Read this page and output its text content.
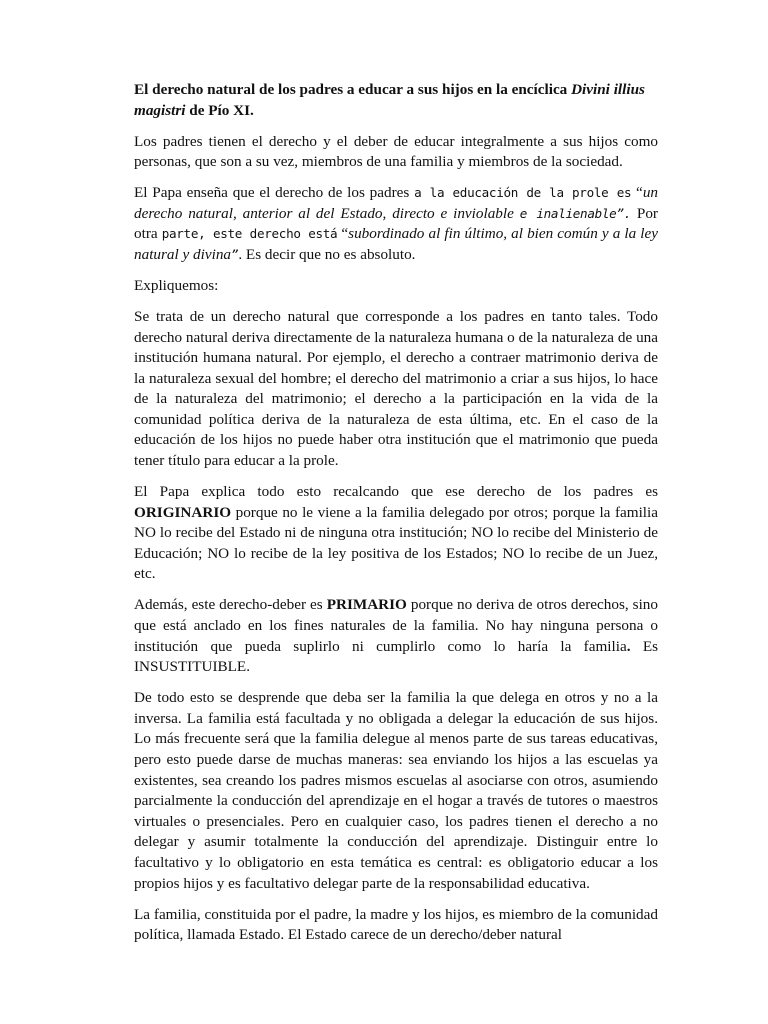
El derecho natural de los padres a educar a sus hijos en la encíclica Divini illius magistri de Pío XI.

Los padres tienen el derecho y el deber de educar integralmente a sus hijos como personas, que son a su vez, miembros de una familia y miembros de la sociedad.

El Papa enseña que el derecho de los padres a la educación de la prole es “un derecho natural, anterior al del Estado, directo e inviolable e inalienable”. Por otra parte, este derecho está “subordinado al fin último, al bien común y a la ley natural y divina”. Es decir que no es absoluto.

Expliquemos:

Se trata de un derecho natural que corresponde a los padres en tanto tales. Todo derecho natural deriva directamente de la naturaleza humana o de la naturaleza de una institución humana natural. Por ejemplo, el derecho a contraer matrimonio deriva de la naturaleza sexual del hombre; el derecho del matrimonio a criar a sus hijos, lo hace de la naturaleza del matrimonio; el derecho a la participación en la vida de la comunidad política deriva de la naturaleza de esta última, etc. En el caso de la educación de los hijos no puede haber otra institución que el matrimonio que pueda tener título para educar a la prole.

El Papa explica todo esto recalcando que ese derecho de los padres es ORIGINARIO porque no le viene a la familia delegado por otros; porque la familia NO lo recibe del Estado ni de ninguna otra institución; NO lo recibe del Ministerio de Educación; NO lo recibe de la ley positiva de los Estados; NO lo recibe de un Juez, etc.

Además, este derecho-deber es PRIMARIO porque no deriva de otros derechos, sino que está anclado en los fines naturales de la familia. No hay ninguna persona o institución que pueda suplirlo ni cumplirlo como lo haría la familia. Es INSUSTITUIBLE.

De todo esto se desprende que deba ser la familia la que delega en otros y no a la inversa. La familia está facultada y no obligada a delegar la educación de sus hijos. Lo más frecuente será que la familia delegue al menos parte de sus tareas educativas, pero esto puede darse de muchas maneras: sea enviando los hijos a las escuelas ya existentes, sea creando los padres mismos escuelas al asociarse con otros, asumiendo parcialmente la conducción del aprendizaje en el hogar a través de tutores o maestros virtuales o presenciales. Pero en cualquier caso, los padres tienen el derecho a no delegar y asumir totalmente la conducción del aprendizaje. Distinguir entre lo facultativo y lo obligatorio en esta temática es central: es obligatorio educar a los propios hijos y es facultativo delegar parte de la responsabilidad educativa.

La familia, constituida por el padre, la madre y los hijos, es miembro de la comunidad política, llamada Estado. El Estado carece de un derecho/deber natural
